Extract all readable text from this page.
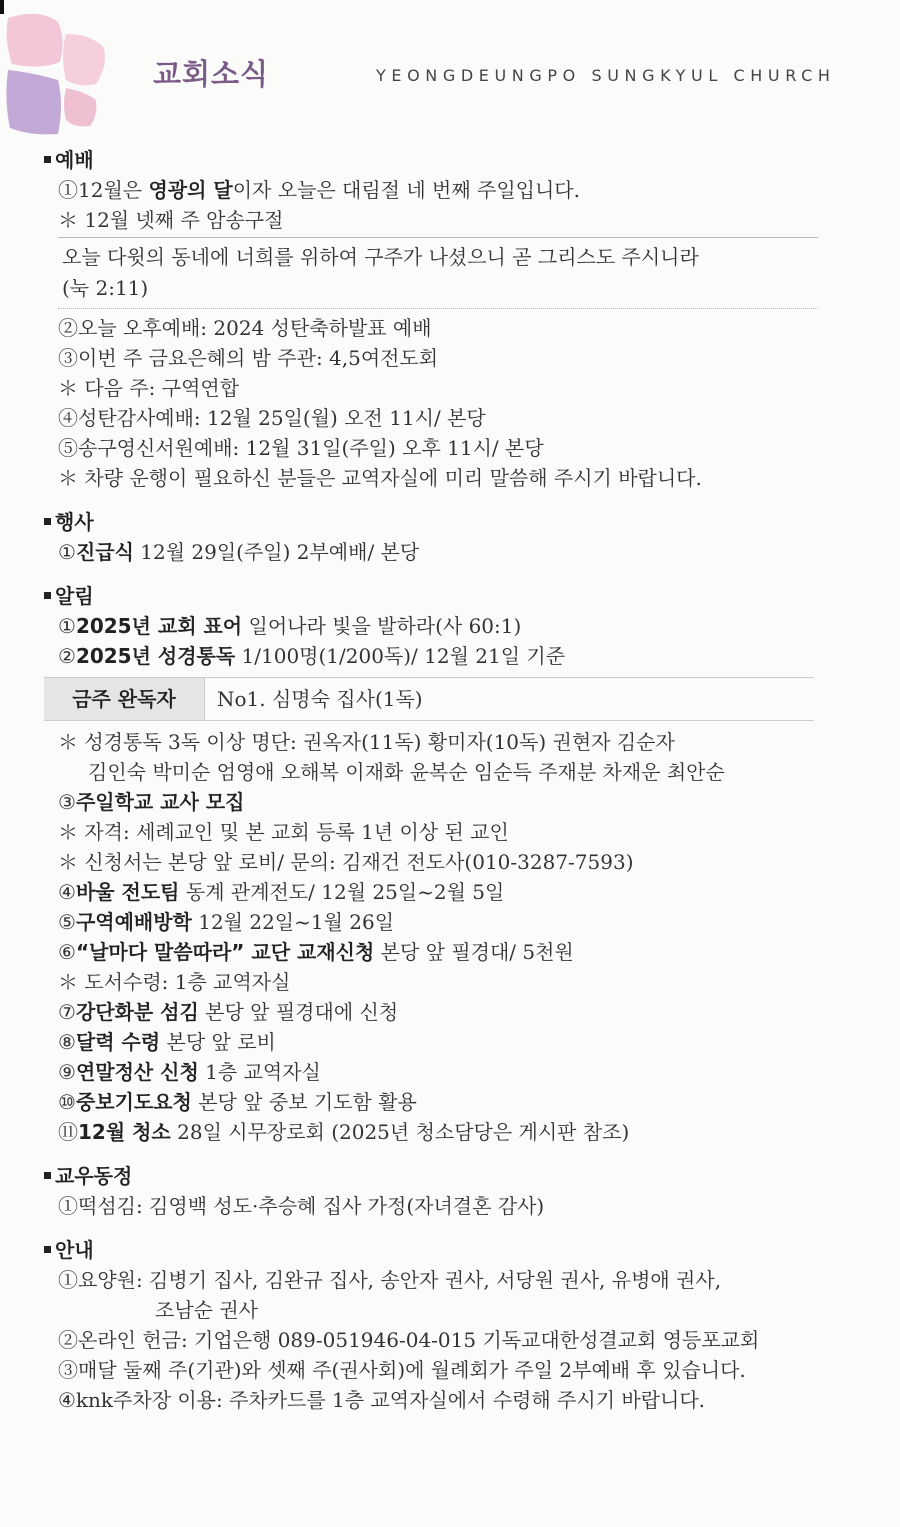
교회소식	YEONGDEUNGPO SUNGKYUL CHURCH
예배
①12월은 영광의 달이자 오늘은 대림절 네 번째 주일입니다.
＊ 12월 넷째 주 암송구절
오늘 다윗의 동네에 너희를 위하여 구주가 나셨으니 곧 그리스도 주시니라
(눅 2:11)
②오늘 오후예배: 2024 성탄축하발표 예배
③이번 주 금요은혜의 밤 주관: 4,5여전도회
＊ 다음 주: 구역연합
④성탄감사예배: 12월 25일(월) 오전 11시/ 본당
⑤송구영신서원예배: 12월 31일(주일) 오후 11시/ 본당
＊ 차량 운행이 필요하신 분들은 교역자실에 미리 말씀해 주시기 바랍니다.
행사
①진급식 12월 29일(주일) 2부예배/ 본당
알림
①2025년 교회 표어 일어나라 빛을 발하라(사 60:1)
②2025년 성경통독 1/100명(1/200독)/ 12월 21일 기준
금주 완독자	No1. 심명숙 집사(1독)
＊ 성경통독 3독 이상 명단: 권옥자(11독) 황미자(10독) 권현자 김순자
김인숙 박미순 엄영애 오해복 이재화 윤복순 임순득 주재분 차재운 최안순
③주일학교 교사 모집
＊ 자격: 세례교인 및 본 교회 등록 1년 이상 된 교인
＊ 신청서는 본당 앞 로비/ 문의: 김재건 전도사(010-3287-7593)
④바울 전도팀 동계 관계전도/ 12월 25일~2월 5일
⑤구역예배방학 12월 22일~1월 26일
⑥“날마다 말씀따라” 교단 교재신청 본당 앞 필경대/ 5천원
＊ 도서수령: 1층 교역자실
⑦강단화분 섬김 본당 앞 필경대에 신청
⑧달력 수령 본당 앞 로비
⑨연말정산 신청 1층 교역자실
⑩중보기도요청 본당 앞 중보 기도함 활용
⑪12월 청소 28일 시무장로회 (2025년 청소담당은 게시판 참조)
교우동정
①떡섬김: 김영백 성도·추승혜 집사 가정(자녀결혼 감사)
안내
①요양원: 김병기 집사, 김완규 집사, 송안자 권사, 서당원 권사, 유병애 권사,
조남순 권사
②온라인 헌금: 기업은행 089-051946-04-015 기독교대한성결교회 영등포교회
③매달 둘째 주(기관)와 셋째 주(권사회)에 월례회가 주일 2부예배 후 있습니다.
④knk주차장 이용: 주차카드를 1층 교역자실에서 수령해 주시기 바랍니다.
